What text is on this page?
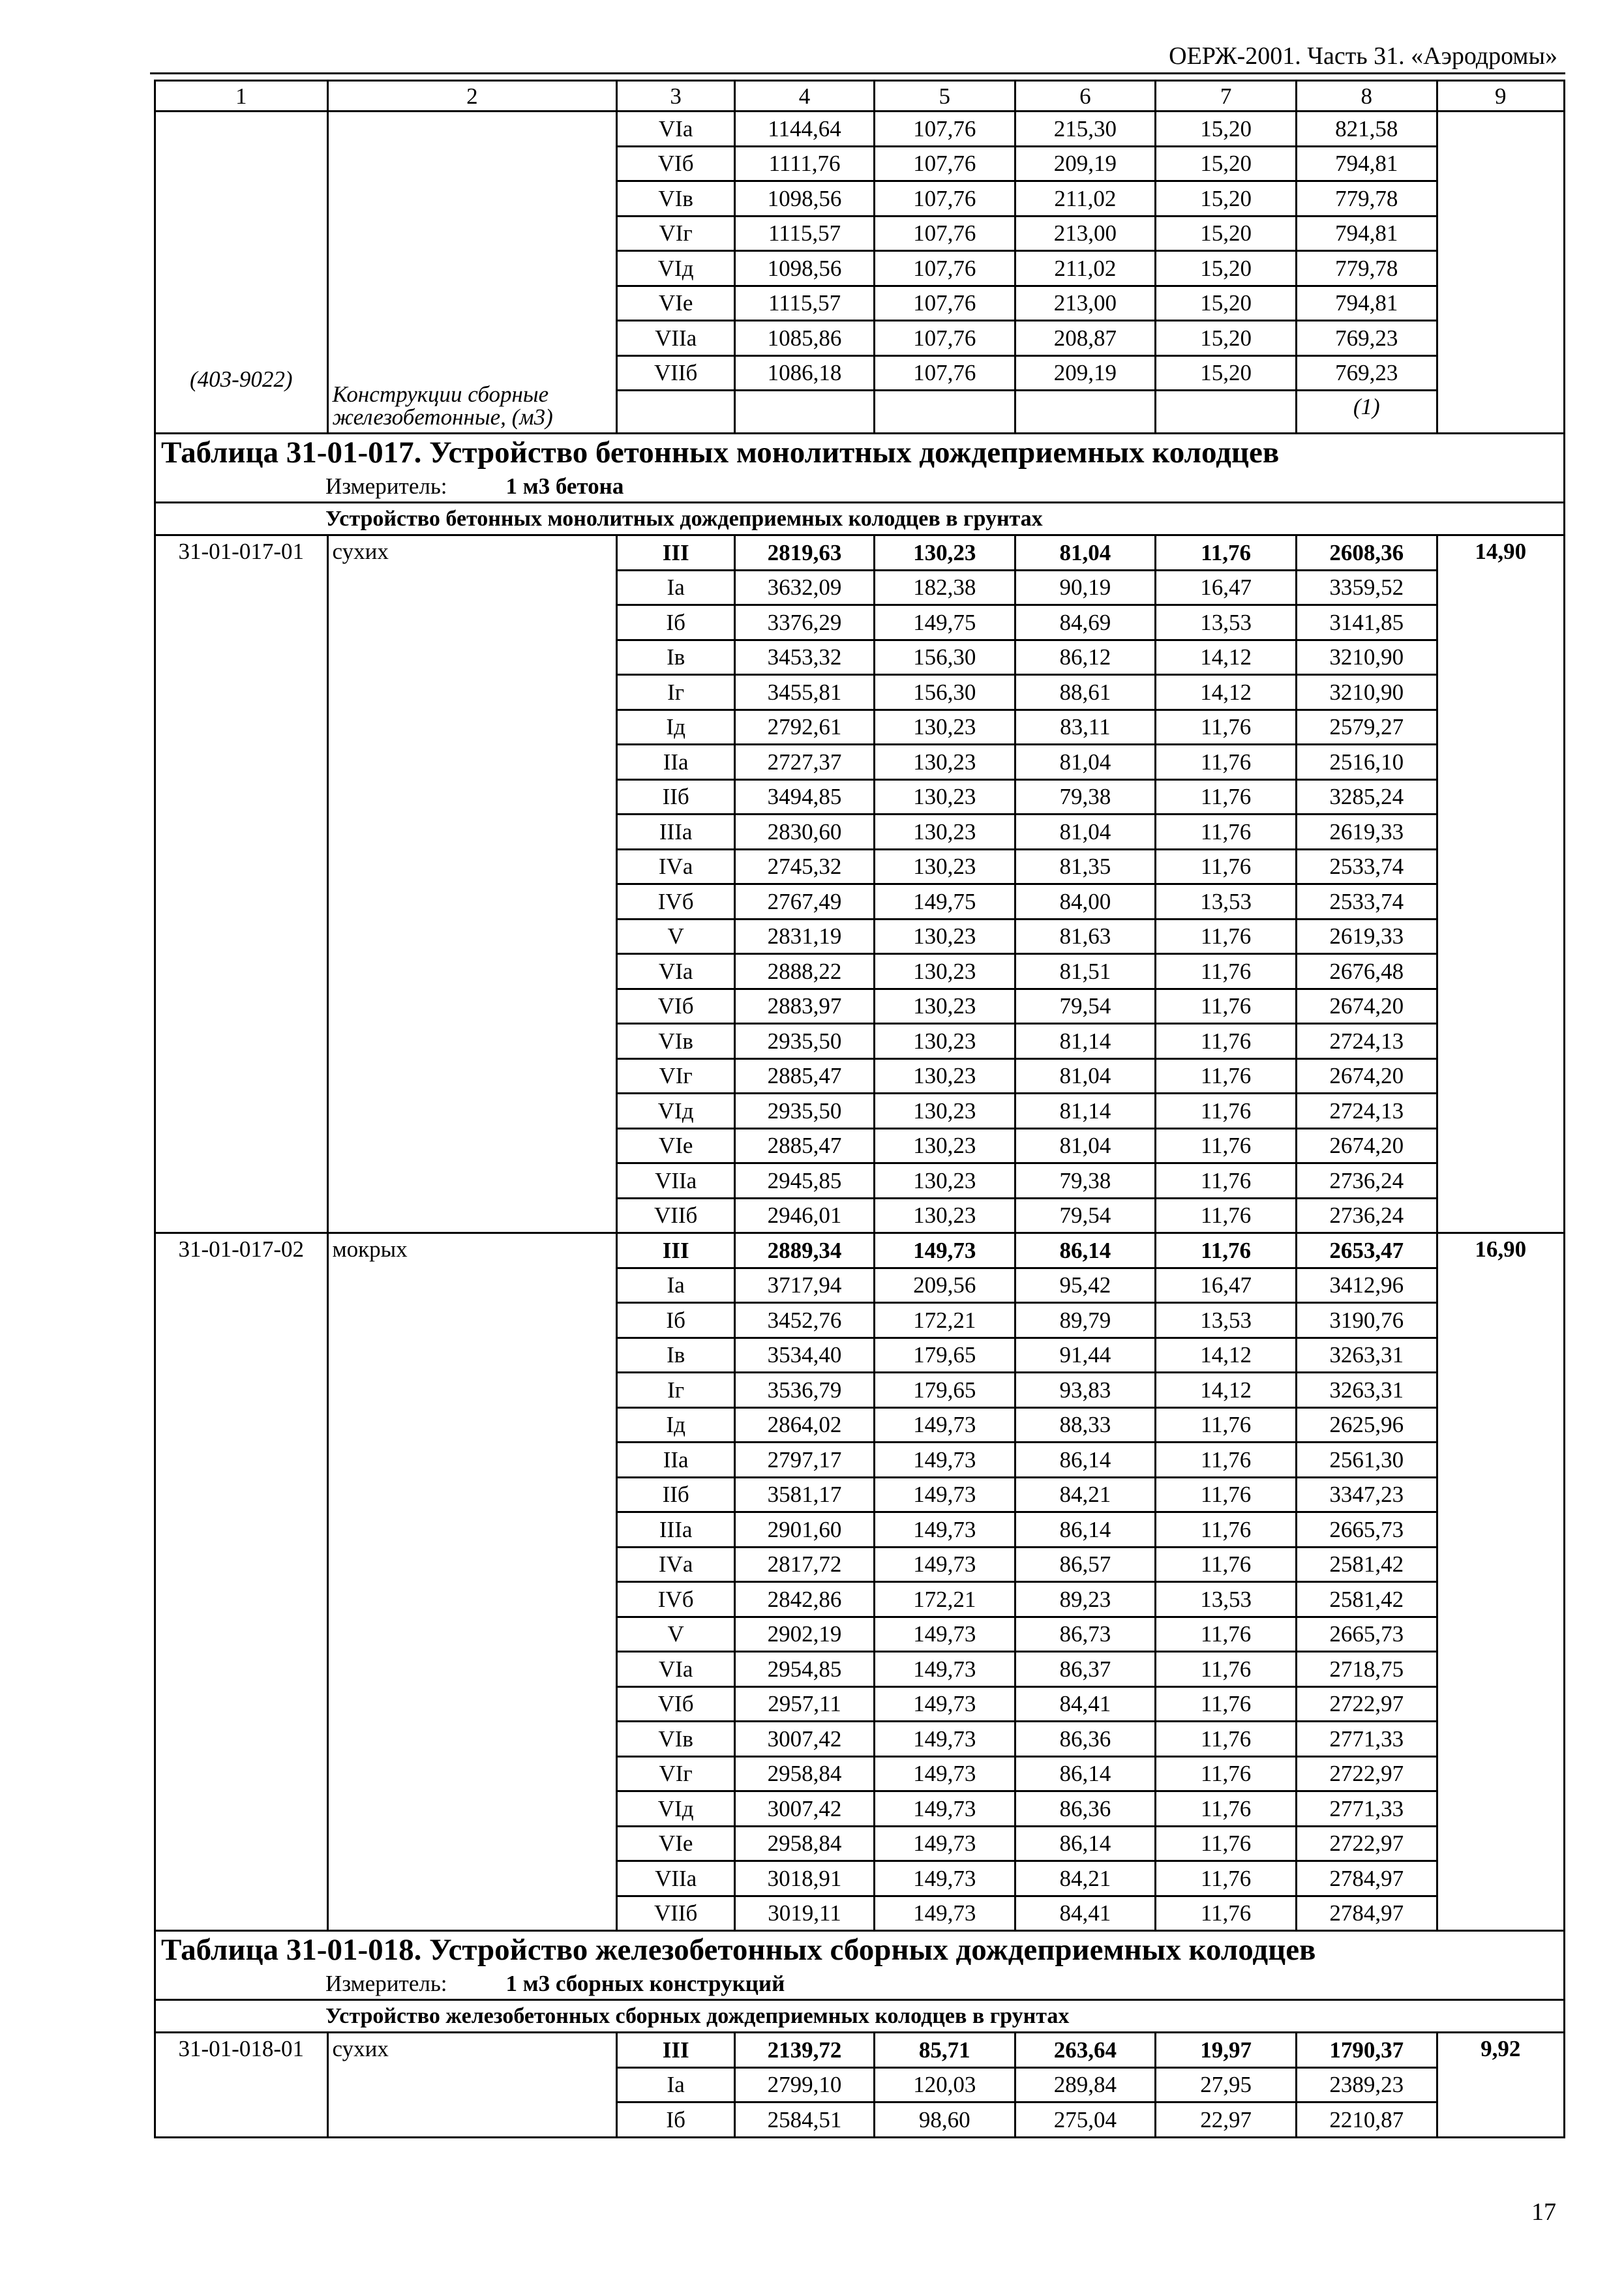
ОЕРЖ-2001. Часть 31. «Аэродромы»
1	2	3	4	5	6	7	8	9
(403-9022)	Конструкции сборные железобетонные, (м3)	VIа	1144,64	107,76	215,30	15,20	821,58	
		VIб	1111,76	107,76	209,19	15,20	794,81	
		VIв	1098,56	107,76	211,02	15,20	779,78	
		VIг	1115,57	107,76	213,00	15,20	794,81	
		VIд	1098,56	107,76	211,02	15,20	779,78	
		VIе	1115,57	107,76	213,00	15,20	794,81	
		VIIа	1085,86	107,76	208,87	15,20	769,23	
		VIIб	1086,18	107,76	209,19	15,20	769,23	
							(1)	
Таблица 31-01-017. Устройство бетонных монолитных дождеприемных колодцев								
Измеритель: 1 м3 бетона								
Устройство бетонных монолитных дождеприемных колодцев в грунтах								
31-01-017-01	сухих	III	2819,63	130,23	81,04	11,76	2608,36	14,90
		Iа	3632,09	182,38	90,19	16,47	3359,52	
		Iб	3376,29	149,75	84,69	13,53	3141,85	
		Iв	3453,32	156,30	86,12	14,12	3210,90	
		Iг	3455,81	156,30	88,61	14,12	3210,90	
		Iд	2792,61	130,23	83,11	11,76	2579,27	
		IIа	2727,37	130,23	81,04	11,76	2516,10	
		IIб	3494,85	130,23	79,38	11,76	3285,24	
		IIIа	2830,60	130,23	81,04	11,76	2619,33	
		IVа	2745,32	130,23	81,35	11,76	2533,74	
		IVб	2767,49	149,75	84,00	13,53	2533,74	
		V	2831,19	130,23	81,63	11,76	2619,33	
		VIа	2888,22	130,23	81,51	11,76	2676,48	
		VIб	2883,97	130,23	79,54	11,76	2674,20	
		VIв	2935,50	130,23	81,14	11,76	2724,13	
		VIг	2885,47	130,23	81,04	11,76	2674,20	
		VIд	2935,50	130,23	81,14	11,76	2724,13	
		VIе	2885,47	130,23	81,04	11,76	2674,20	
		VIIа	2945,85	130,23	79,38	11,76	2736,24	
		VIIб	2946,01	130,23	79,54	11,76	2736,24	
31-01-017-02	мокрых	III	2889,34	149,73	86,14	11,76	2653,47	16,90
		Iа	3717,94	209,56	95,42	16,47	3412,96	
		Iб	3452,76	172,21	89,79	13,53	3190,76	
		Iв	3534,40	179,65	91,44	14,12	3263,31	
		Iг	3536,79	179,65	93,83	14,12	3263,31	
		Iд	2864,02	149,73	88,33	11,76	2625,96	
		IIа	2797,17	149,73	86,14	11,76	2561,30	
		IIб	3581,17	149,73	84,21	11,76	3347,23	
		IIIа	2901,60	149,73	86,14	11,76	2665,73	
		IVа	2817,72	149,73	86,57	11,76	2581,42	
		IVб	2842,86	172,21	89,23	13,53	2581,42	
		V	2902,19	149,73	86,73	11,76	2665,73	
		VIа	2954,85	149,73	86,37	11,76	2718,75	
		VIб	2957,11	149,73	84,41	11,76	2722,97	
		VIв	3007,42	149,73	86,36	11,76	2771,33	
		VIг	2958,84	149,73	86,14	11,76	2722,97	
		VIд	3007,42	149,73	86,36	11,76	2771,33	
		VIе	2958,84	149,73	86,14	11,76	2722,97	
		VIIа	3018,91	149,73	84,21	11,76	2784,97	
		VIIб	3019,11	149,73	84,41	11,76	2784,97	
Таблица 31-01-018. Устройство железобетонных сборных дождеприемных колодцев								
Измеритель: 1 м3 сборных конструкций								
Устройство железобетонных сборных дождеприемных колодцев в грунтах								
31-01-018-01	сухих	III	2139,72	85,71	263,64	19,97	1790,37	9,92
		Iа	2799,10	120,03	289,84	27,95	2389,23	
		Iб	2584,51	98,60	275,04	22,97	2210,87	
17
